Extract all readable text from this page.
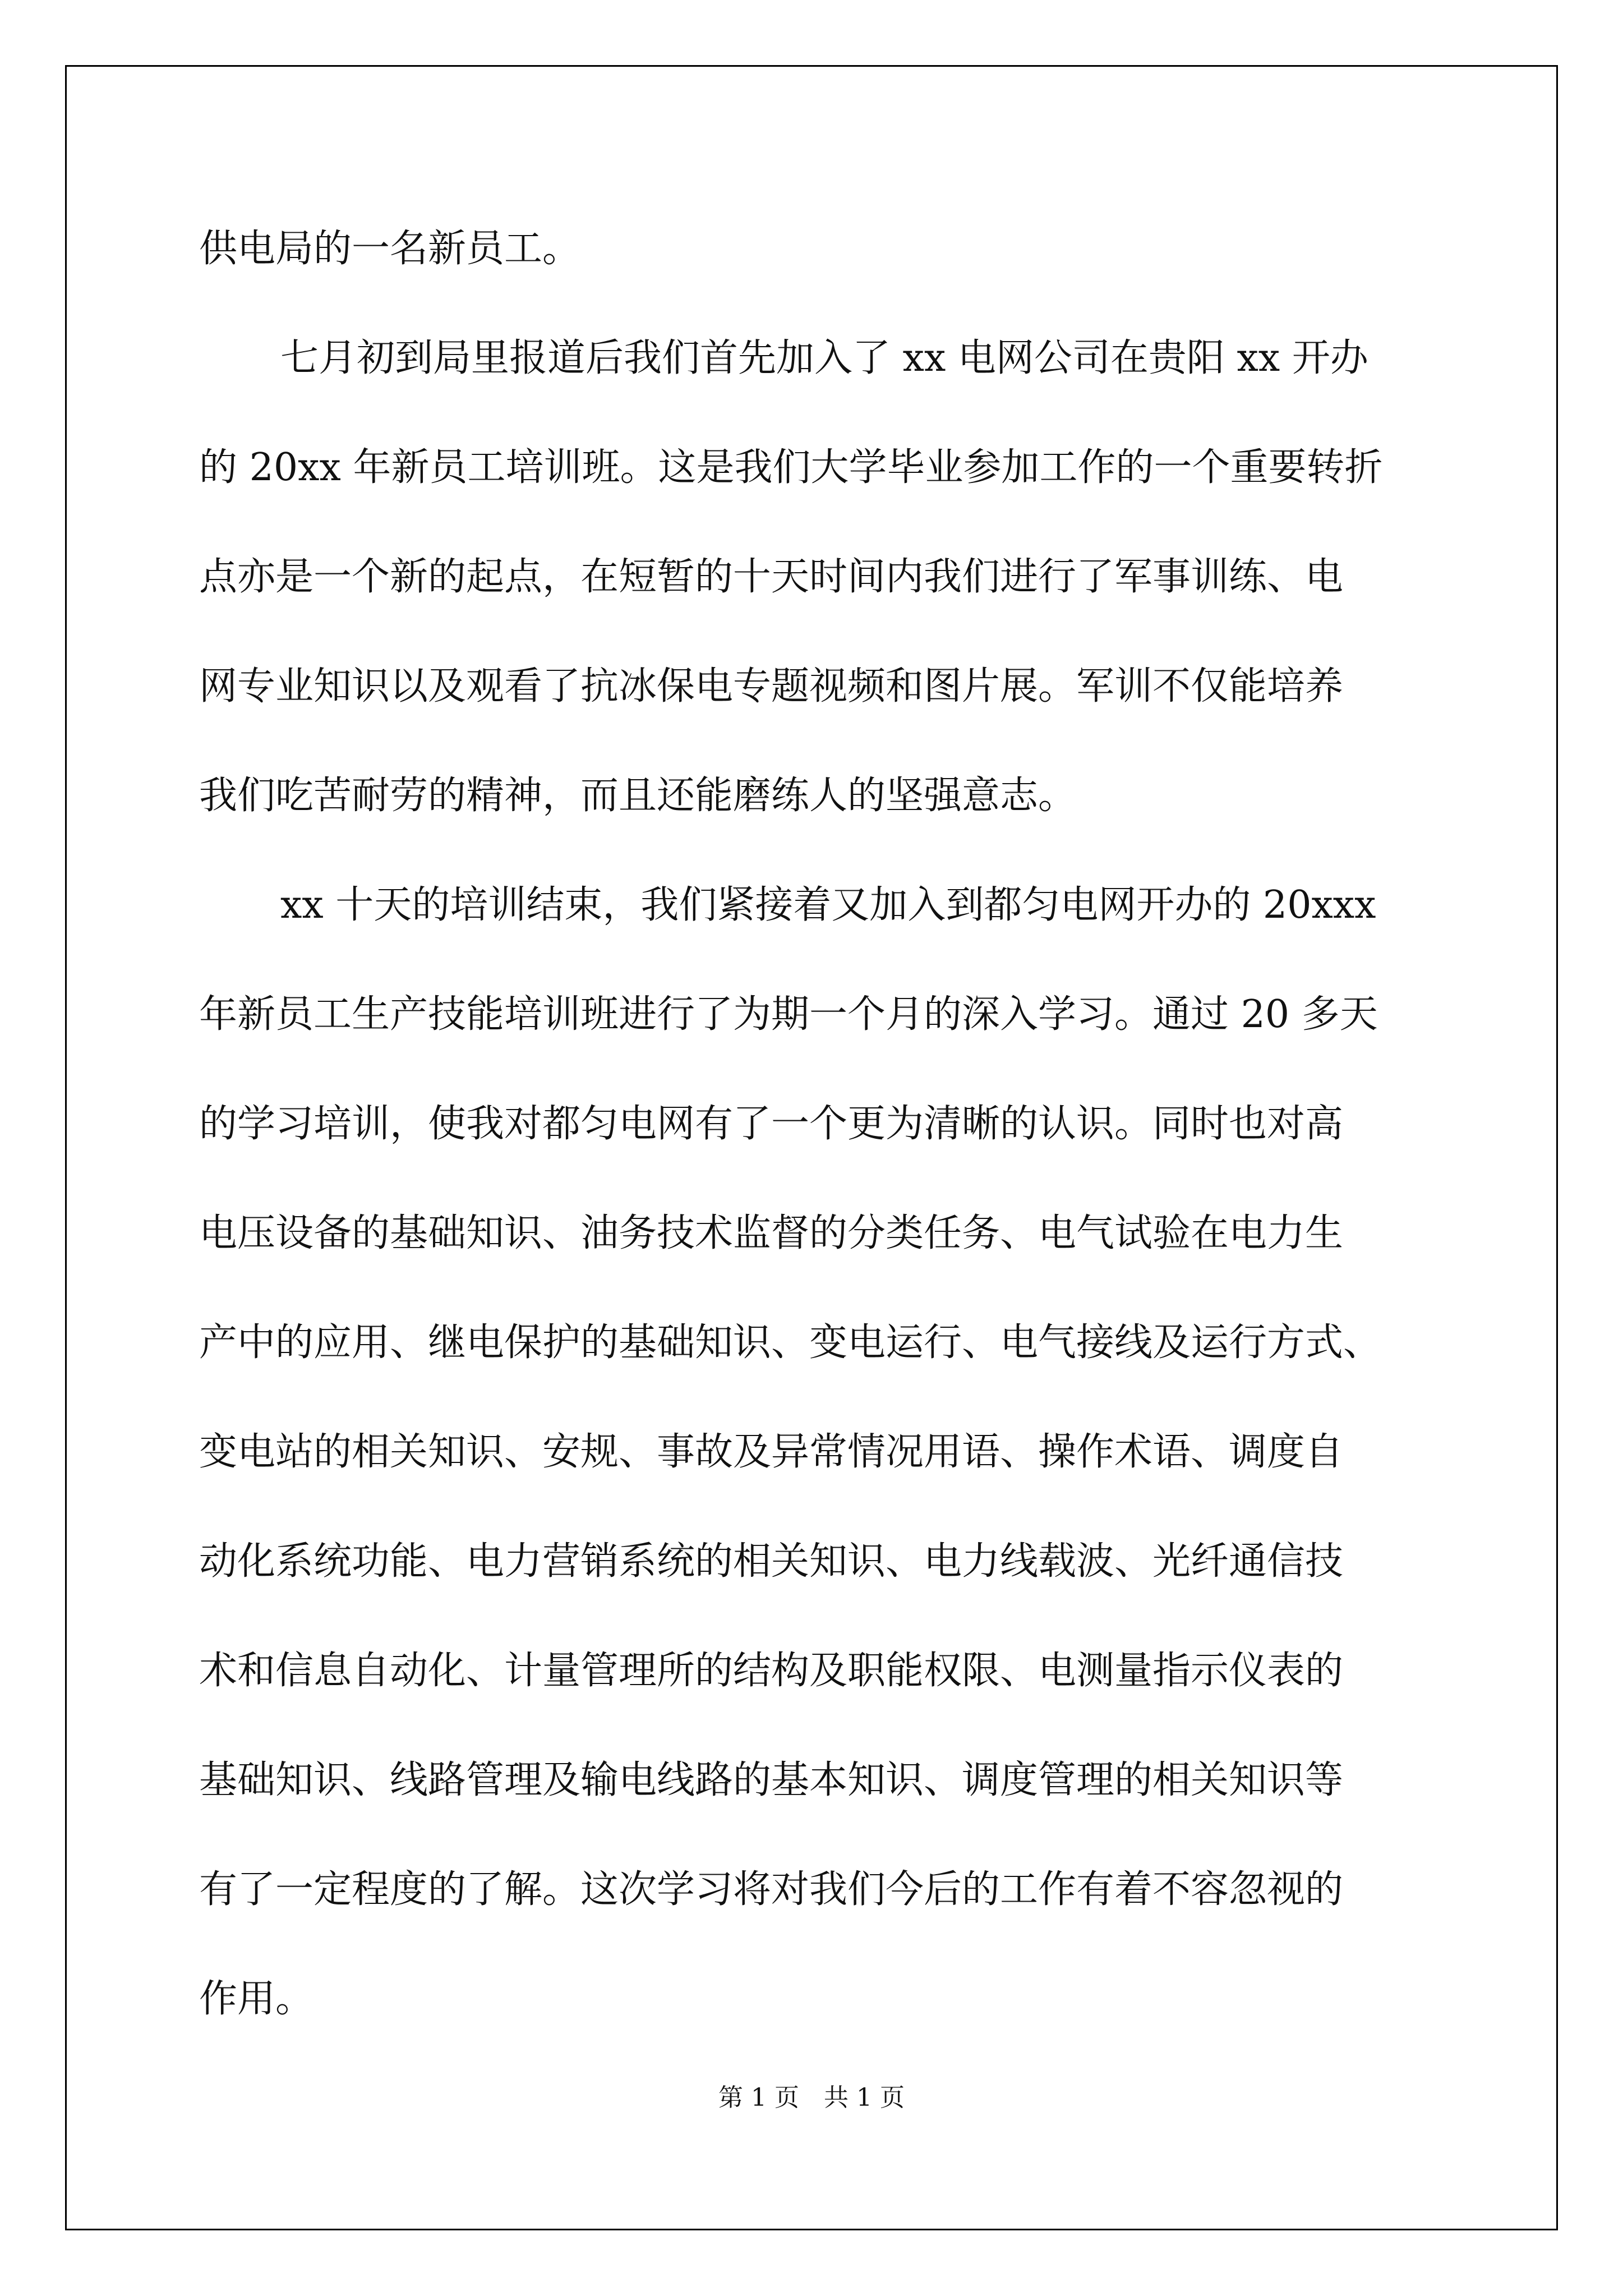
供电局的一名新员工。
七月初到局里报道后我们首先加入了 xx 电网公司在贵阳 xx 开办
的 20xx 年新员工培训班。这是我们大学毕业参加工作的一个重要转折
点亦是一个新的起点，在短暂的十天时间内我们进行了军事训练、电
网专业知识以及观看了抗冰保电专题视频和图片展。军训不仅能培养
我们吃苦耐劳的精神，而且还能磨练人的坚强意志。
xx 十天的培训结束，我们紧接着又加入到都匀电网开办的 20xxx
年新员工生产技能培训班进行了为期一个月的深入学习。通过 20 多天
的学习培训，使我对都匀电网有了一个更为清晰的认识。同时也对高
电压设备的基础知识、油务技术监督的分类任务、电气试验在电力生
产中的应用、继电保护的基础知识、变电运行、电气接线及运行方式、
变电站的相关知识、安规、事故及异常情况用语、操作术语、调度自
动化系统功能、电力营销系统的相关知识、电力线载波、光纤通信技
术和信息自动化、计量管理所的结构及职能权限、电测量指示仪表的
基础知识、线路管理及输电线路的基本知识、调度管理的相关知识等
有了一定程度的了解。这次学习将对我们今后的工作有着不容忽视的
作用。
第 1 页　共 1 页
